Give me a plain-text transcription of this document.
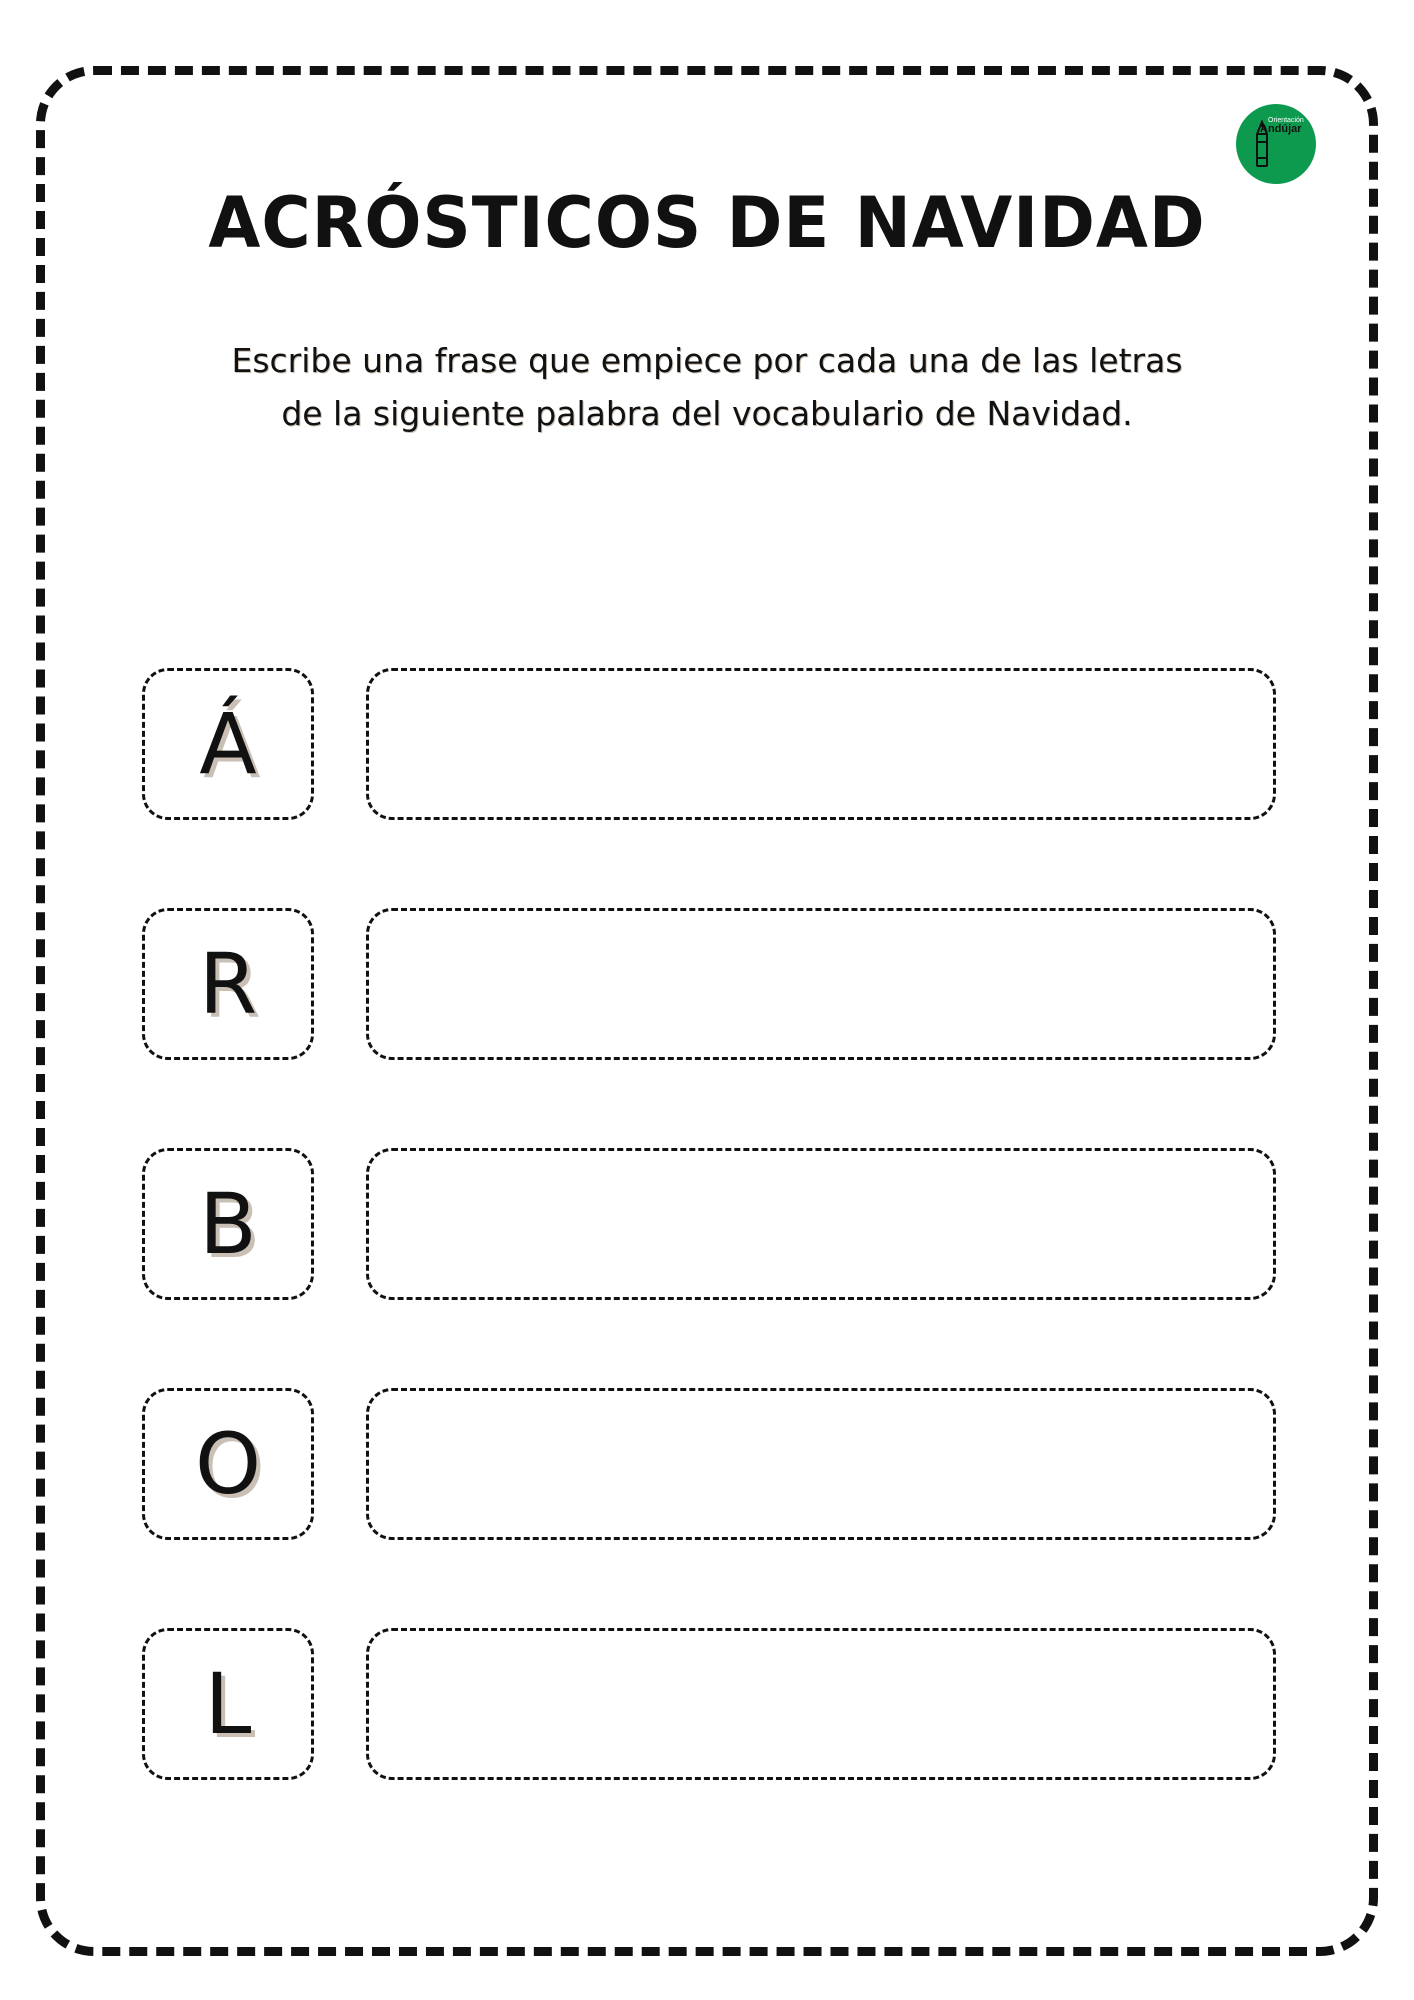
Orientación
Andújar
ACRÓSTICOS DE NAVIDAD
Escribe una frase que empiece por cada una de las letras
de la siguiente palabra del vocabulario de Navidad.
Á
R
B
O
L
